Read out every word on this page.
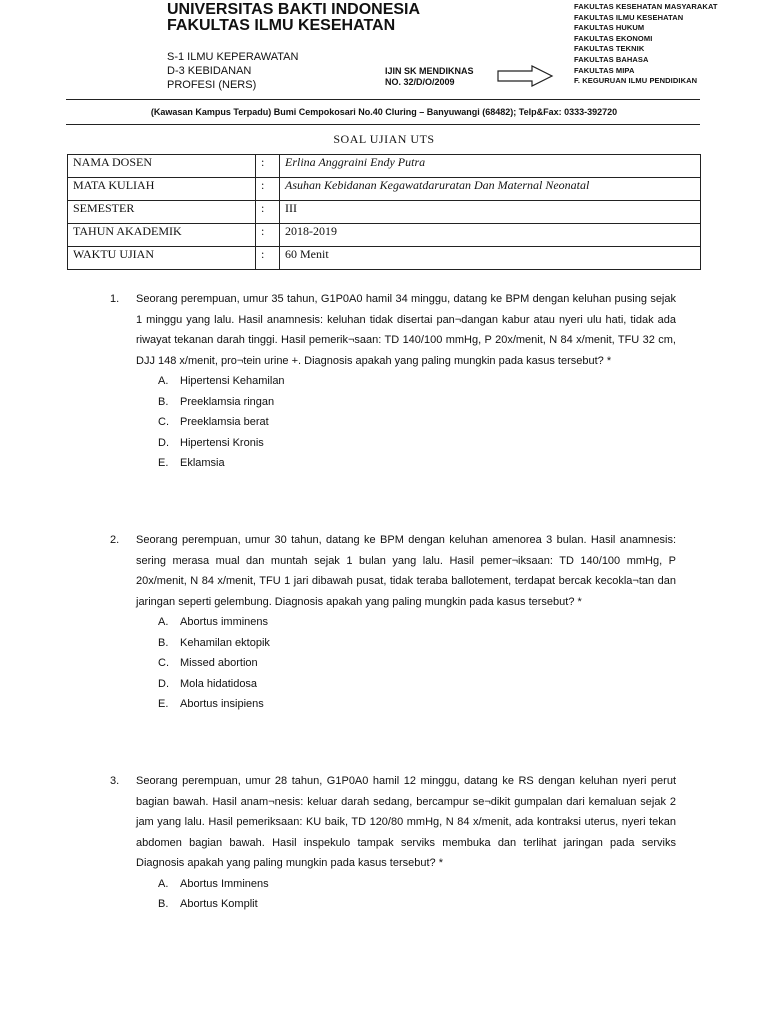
UNIVERSITAS BAKTI INDONESIA
FAKULTAS ILMU KESEHATAN
S-1 ILMU KEPERAWATAN
D-3 KEBIDANAN
PROFESI (NERS)
IJIN SK MENDIKNAS
NO. 32/D/O/2009
FAKULTAS KESEHATAN MASYARAKAT
FAKULTAS ILMU KESEHATAN
FAKULTAS HUKUM
FAKULTAS EKONOMI
FAKULTAS TEKNIK
FAKULTAS BAHASA
FAKULTAS MIPA
F. KEGURUAN ILMU PENDIDIKAN
(Kawasan Kampus Terpadu) Bumi Cempokosari No.40 Cluring – Banyuwangi (68482); Telp&Fax: 0333-392720
SOAL UJIAN UTS
NAMA DOSEN	:	Erlina Anggraini Endy Putra
MATA KULIAH	:	Asuhan Kebidanan Kegawatdaruratan Dan Maternal Neonatal
SEMESTER	:	III
TAHUN AKADEMIK	:	2018-2019
WAKTU UJIAN	:	60 Menit
1.	Seorang perempuan, umur 35 tahun, G1P0A0 hamil 34 minggu, datang ke BPM dengan keluhan pusing sejak 1 minggu yang lalu. Hasil anamnesis: keluhan tidak disertai pan¬dangan kabur atau nyeri ulu hati, tidak ada riwayat tekanan darah tinggi. Hasil pemerik¬saan: TD 140/100 mmHg, P 20x/menit, N 84 x/menit, TFU 32 cm, DJJ 148 x/menit, pro¬tein urine +. Diagnosis apakah yang paling mungkin pada kasus tersebut? *
A. Hipertensi Kehamilan
B. Preeklamsia ringan
C. Preeklamsia berat
D. Hipertensi Kronis
E. Eklamsia
2.	Seorang perempuan, umur 30 tahun, datang ke BPM dengan keluhan amenorea 3 bulan. Hasil anamnesis: sering merasa mual dan muntah sejak 1 bulan yang lalu. Hasil pemer¬iksaan: TD 140/100 mmHg, P 20x/menit, N 84 x/menit, TFU 1 jari dibawah pusat, tidak teraba ballotement, terdapat bercak kecokla¬tan dan jaringan seperti gelembung. Diagnosis apakah yang paling mungkin pada kasus tersebut? *
A. Abortus imminens
B. Kehamilan ektopik
C. Missed abortion
D. Mola hidatidosa
E. Abortus insipiens
3.	Seorang perempuan, umur 28 tahun, G1P0A0 hamil 12 minggu, datang ke RS dengan keluhan nyeri perut bagian bawah. Hasil anam¬nesis: keluar darah sedang, bercampur se¬dikit gumpalan dari kemaluan sejak 2 jam yang lalu. Hasil pemeriksaan: KU baik, TD 120/80 mmHg, N 84 x/menit, ada kontraksi uterus, nyeri tekan abdomen bagian bawah. Hasil inspekulo tampak serviks membuka dan terlihat jaringan pada serviks Diagnosis apakah yang paling mungkin pada kasus tersebut? *
A. Abortus Imminens
B. Abortus Komplit
